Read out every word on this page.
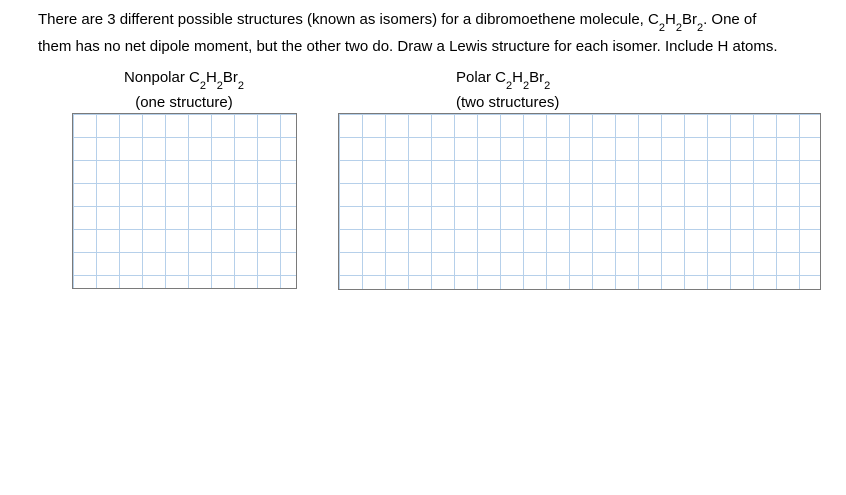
There are 3 different possible structures (known as isomers) for a dibromoethene molecule, $C_2H_2Br_2$. One of
them has no net dipole moment, but the other two do. Draw a Lewis structure for each isomer. Include H atoms.

Nonpolar $C_2H_2Br_2$
(one structure)
Polar $C_2H_2Br_2$
(two structures)
